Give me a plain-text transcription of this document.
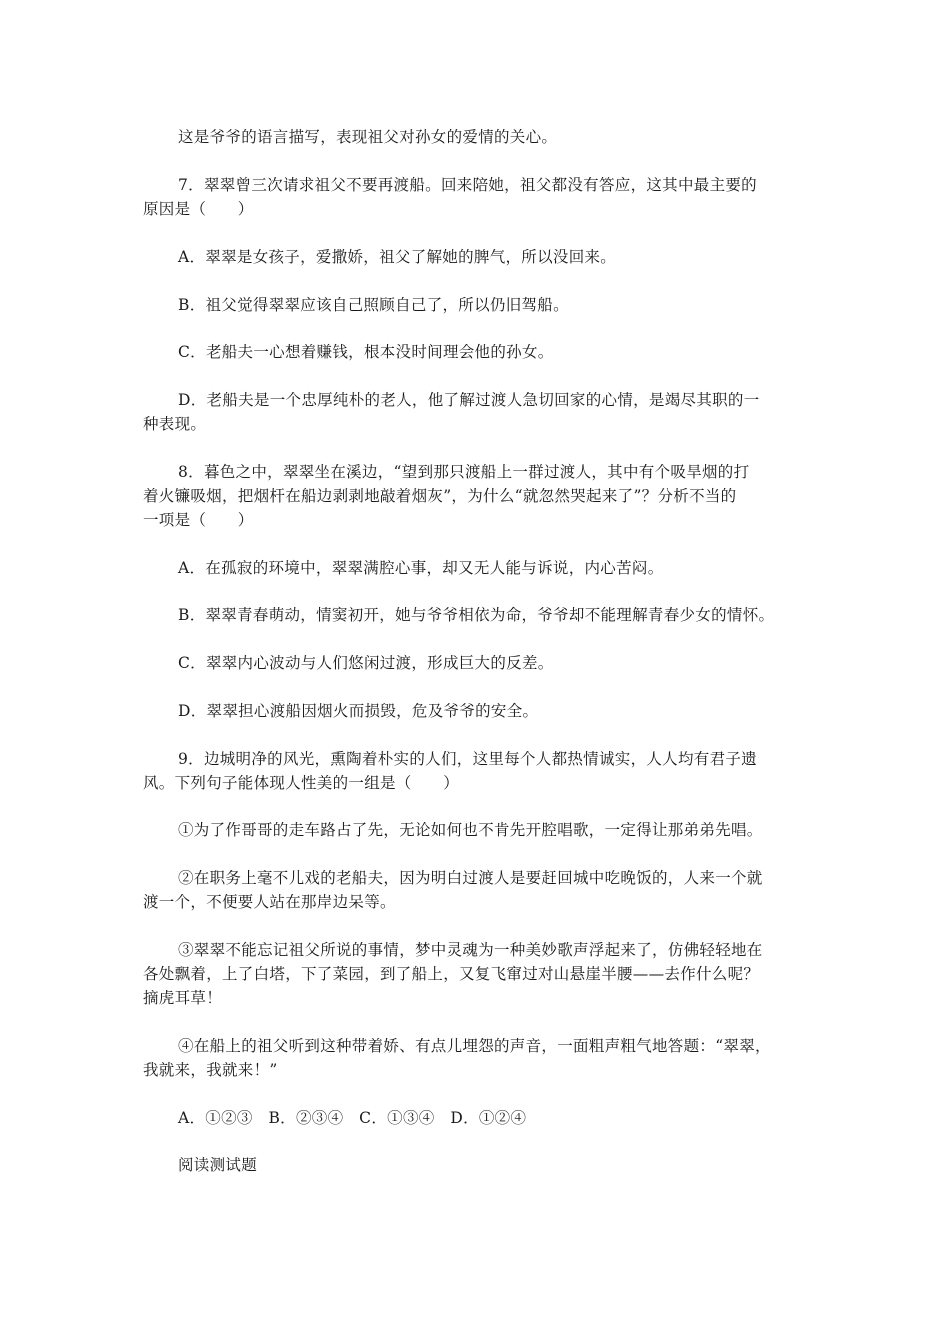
这是爷爷的语言描写，表现祖父对孙女的爱情的关心。
7．翠翠曾三次请求祖父不要再渡船。回来陪她，祖父都没有答应，这其中最主要的
原因是（　　）
A．翠翠是女孩子，爱撒娇，祖父了解她的脾气，所以没回来。
B．祖父觉得翠翠应该自己照顾自己了，所以仍旧驾船。
C．老船夫一心想着赚钱，根本没时间理会他的孙女。
D．老船夫是一个忠厚纯朴的老人，他了解过渡人急切回家的心情，是竭尽其职的一
种表现。
8．暮色之中，翠翠坐在溪边，“望到那只渡船上一群过渡人，其中有个吸旱烟的打
着火镰吸烟，把烟杆在船边剥剥地敲着烟灰”，为什么“就忽然哭起来了”？分析不当的
一项是（　　）
A．在孤寂的环境中，翠翠满腔心事，却又无人能与诉说，内心苦闷。
B．翠翠青春萌动，情窦初开，她与爷爷相依为命，爷爷却不能理解青春少女的情怀。
C．翠翠内心波动与人们悠闲过渡，形成巨大的反差。
D．翠翠担心渡船因烟火而损毁，危及爷爷的安全。
9．边城明净的风光，熏陶着朴实的人们，这里每个人都热情诚实，人人均有君子遗
风。下列句子能体现人性美的一组是（　　）
①为了作哥哥的走车路占了先，无论如何也不肯先开腔唱歌，一定得让那弟弟先唱。
②在职务上毫不儿戏的老船夫，因为明白过渡人是要赶回城中吃晚饭的，人来一个就
渡一个，不便要人站在那岸边呆等。
③翠翠不能忘记祖父所说的事情，梦中灵魂为一种美妙歌声浮起来了，仿佛轻轻地在
各处飘着，上了白塔，下了菜园，到了船上，又复飞窜过对山悬崖半腰——去作什么呢？
摘虎耳草！
④在船上的祖父听到这种带着娇、有点儿埋怨的声音，一面粗声粗气地答题：“翠翠，
我就来，我就来！”
A．①②③　B．②③④　C．①③④　D．①②④
阅读测试题
